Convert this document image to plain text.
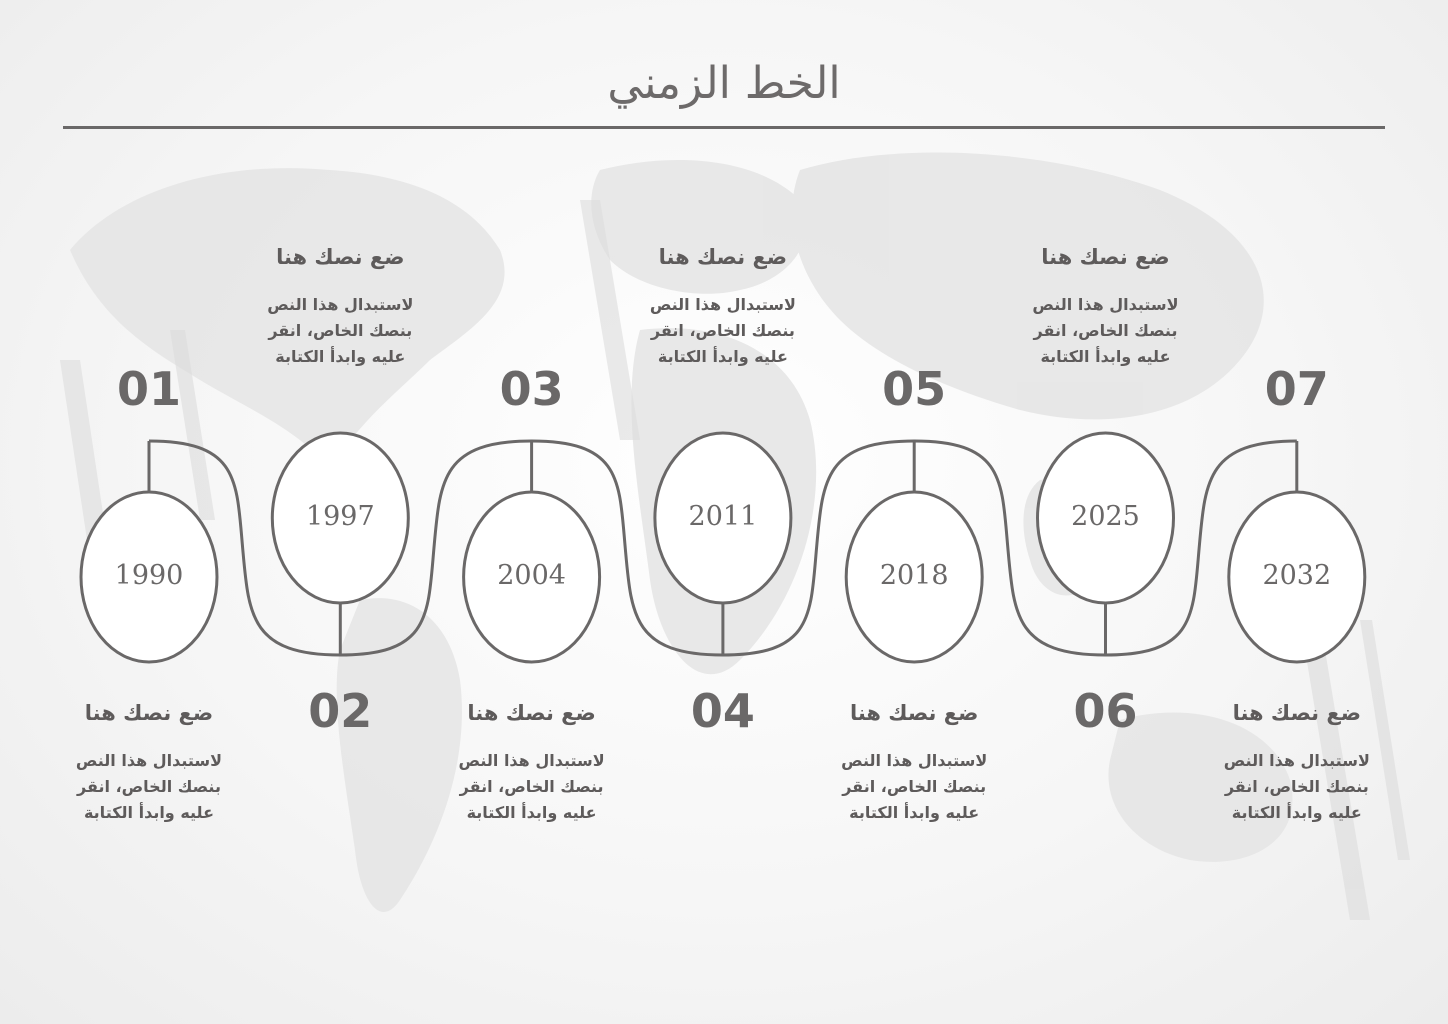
الخط الزمني
1990
01
ضع نصك هنا
لاستبدال هذا النص بنصك الخاص، انقر عليه وابدأ الكتابة
1997
02
ضع نصك هنا
لاستبدال هذا النص بنصك الخاص، انقر عليه وابدأ الكتابة
2004
03
ضع نصك هنا
لاستبدال هذا النص بنصك الخاص، انقر عليه وابدأ الكتابة
2011
04
ضع نصك هنا
لاستبدال هذا النص بنصك الخاص، انقر عليه وابدأ الكتابة
2018
05
ضع نصك هنا
لاستبدال هذا النص بنصك الخاص، انقر عليه وابدأ الكتابة
2025
06
ضع نصك هنا
لاستبدال هذا النص بنصك الخاص، انقر عليه وابدأ الكتابة
2032
07
ضع نصك هنا
لاستبدال هذا النص بنصك الخاص، انقر عليه وابدأ الكتابة
